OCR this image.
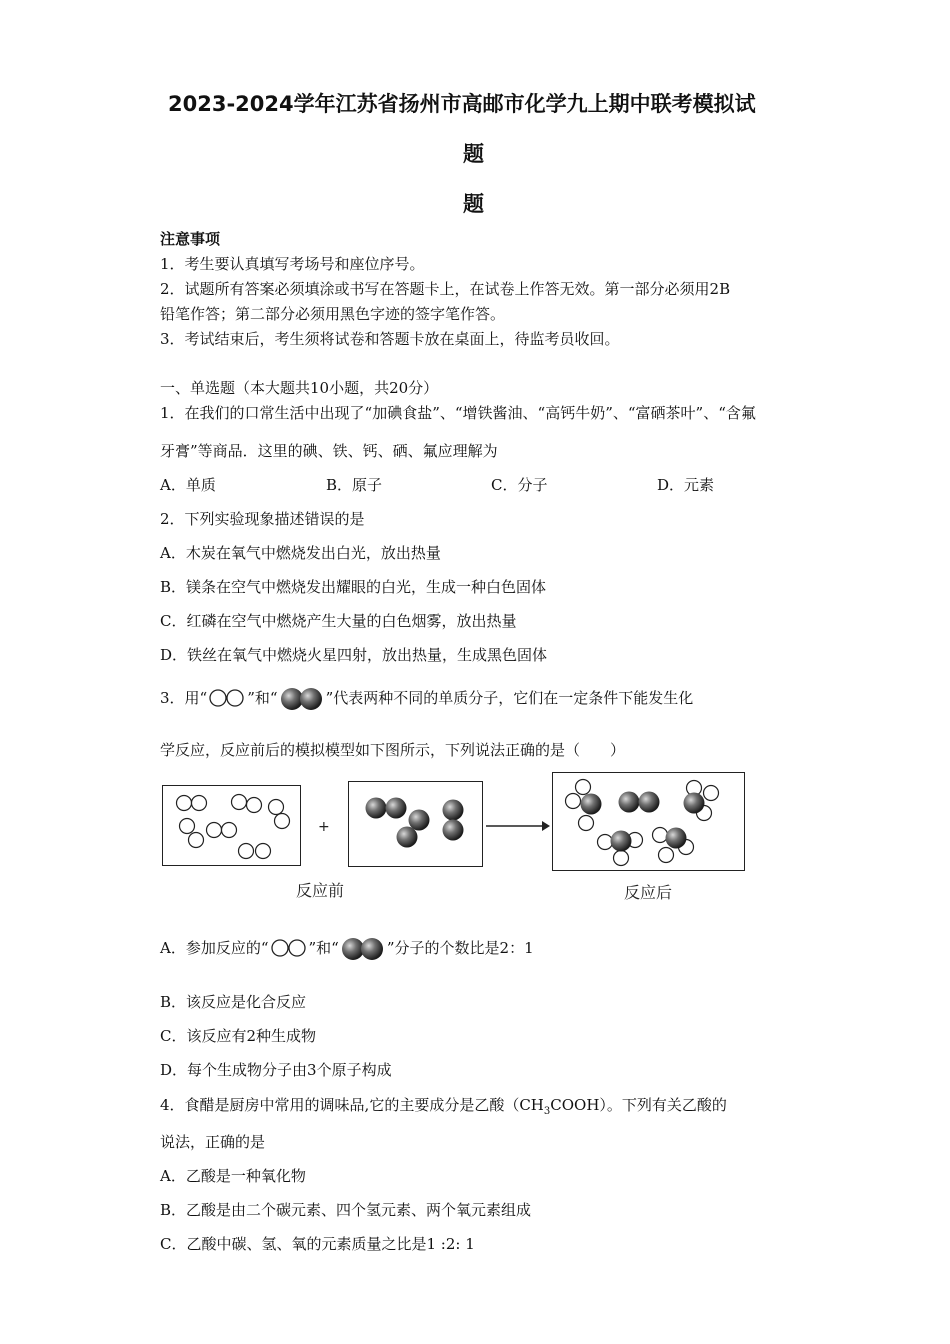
2023-2024学年江苏省扬州市高邮市化学九上期中联考模拟试
题
题
注意事项
1．考生要认真填写考场号和座位序号。
2．试题所有答案必须填涂或书写在答题卡上，在试卷上作答无效。第一部分必须用2B
铅笔作答；第二部分必须用黑色字迹的签字笔作答。
3．考试结束后，考生须将试卷和答题卡放在桌面上，待监考员收回。
一、单选题（本大题共10小题，共20分）
1．在我们的口常生活中出现了“加碘食盐”、“增铁酱油、“高钙牛奶”、“富硒茶叶”、“含氟
牙膏”等商品．这里的碘、铁、钙、硒、氟应理解为
A．单质	B．原子	C．分子	D．元素
2．下列实验现象描述错误的是
A．木炭在氧气中燃烧发出白光，放出热量
B．镁条在空气中燃烧发出耀眼的白光，生成一种白色固体
C．红磷在空气中燃烧产生大量的白色烟雾，放出热量
D．铁丝在氧气中燃烧火星四射，放出热量，生成黑色固体
3．用“	”和“	”代表两种不同的单质分子，它们在一定条件下能发生化
学反应，反应前后的模拟模型如下图所示，下列说法正确的是（　　）
+
反应前	反应后
A．参加反应的“	”和“	”分子的个数比是2：1
B．该反应是化合反应
C．该反应有2种生成物
D．每个生成物分子由3个原子构成
4．食醋是厨房中常用的调味品,它的主要成分是乙酸$(CH_3COOH)$。下列有关乙酸的
说法，正确的是
A．乙酸是一种氧化物
B．乙酸是由二个碳元素、四个氢元素、两个氧元素组成
C．乙酸中碳、氢、氧的元素质量之比是1 :2: 1
